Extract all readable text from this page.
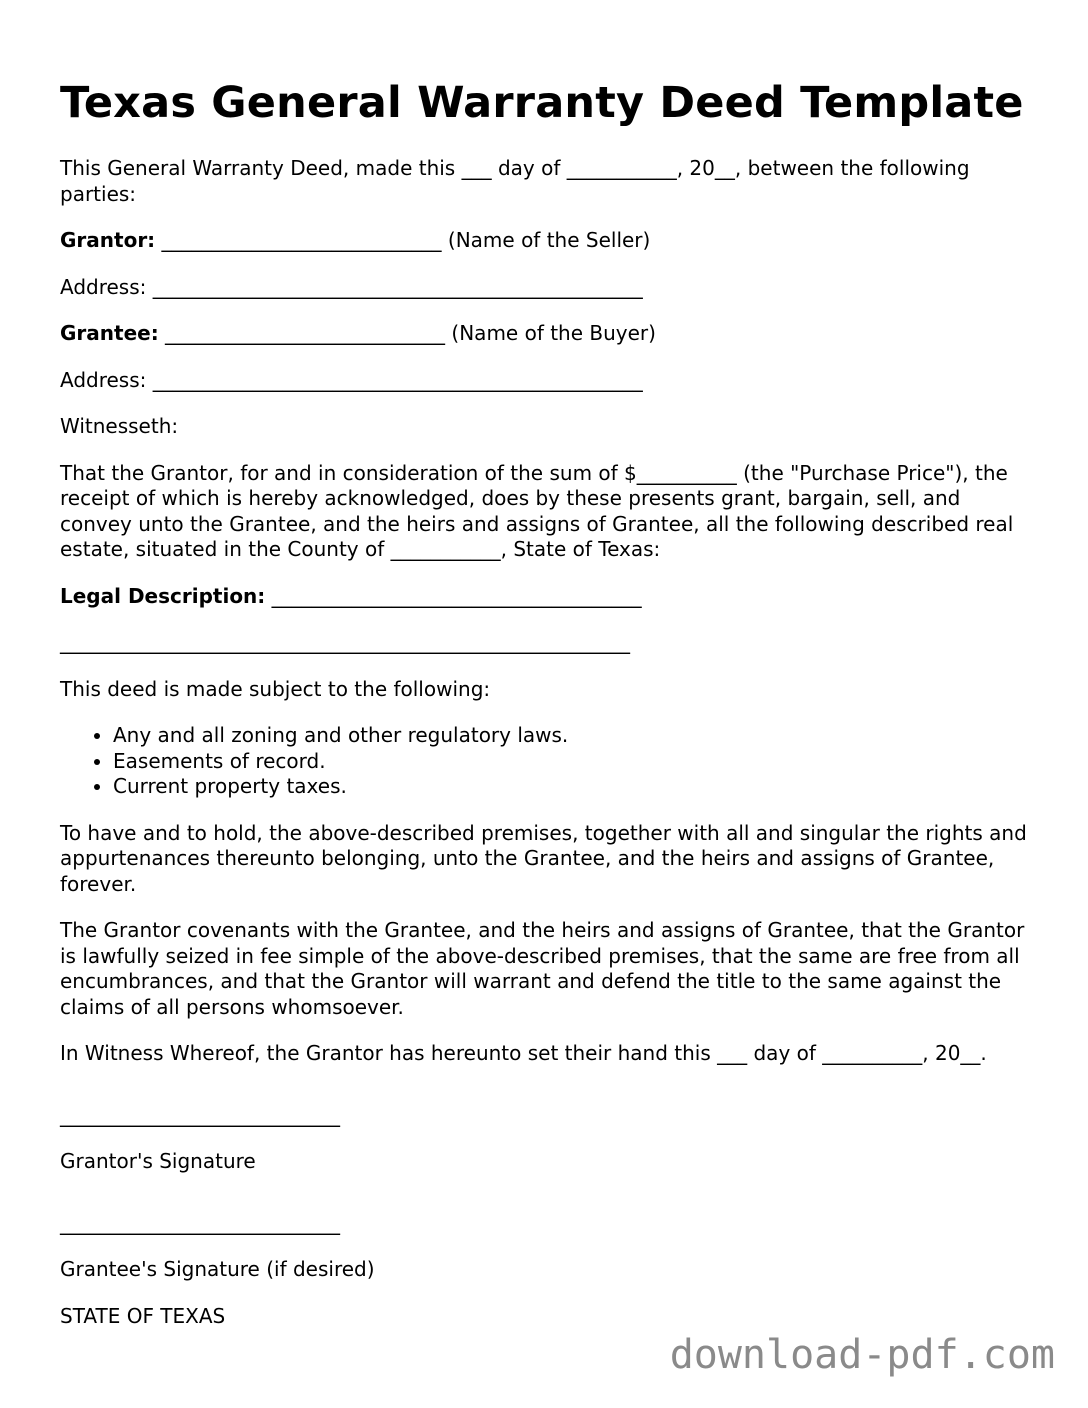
Texas General Warranty Deed Template

This General Warranty Deed, made this ___ day of ___________, 20__, between the following parties:

Grantor: ____________________________ (Name of the Seller)

Address: _________________________________________________

Grantee: ____________________________ (Name of the Buyer)

Address: _________________________________________________

Witnesseth:

That the Grantor, for and in consideration of the sum of $__________ (the "Purchase Price"), the receipt of which is hereby acknowledged, does by these presents grant, bargain, sell, and convey unto the Grantee, and the heirs and assigns of Grantee, all the following described real estate, situated in the County of ___________, State of Texas:

Legal Description: _____________________________________

_________________________________________________________

This deed is made subject to the following:

• Any and all zoning and other regulatory laws.
• Easements of record.
• Current property taxes.

To have and to hold, the above-described premises, together with all and singular the rights and appurtenances thereunto belonging, unto the Grantee, and the heirs and assigns of Grantee, forever.

The Grantor covenants with the Grantee, and the heirs and assigns of Grantee, that the Grantor is lawfully seized in fee simple of the above-described premises, that the same are free from all encumbrances, and that the Grantor will warrant and defend the title to the same against the claims of all persons whomsoever.

In Witness Whereof, the Grantor has hereunto set their hand this ___ day of __________, 20__.

____________________________

Grantor's Signature

____________________________

Grantee's Signature (if desired)

STATE OF TEXAS

download-pdf.com
